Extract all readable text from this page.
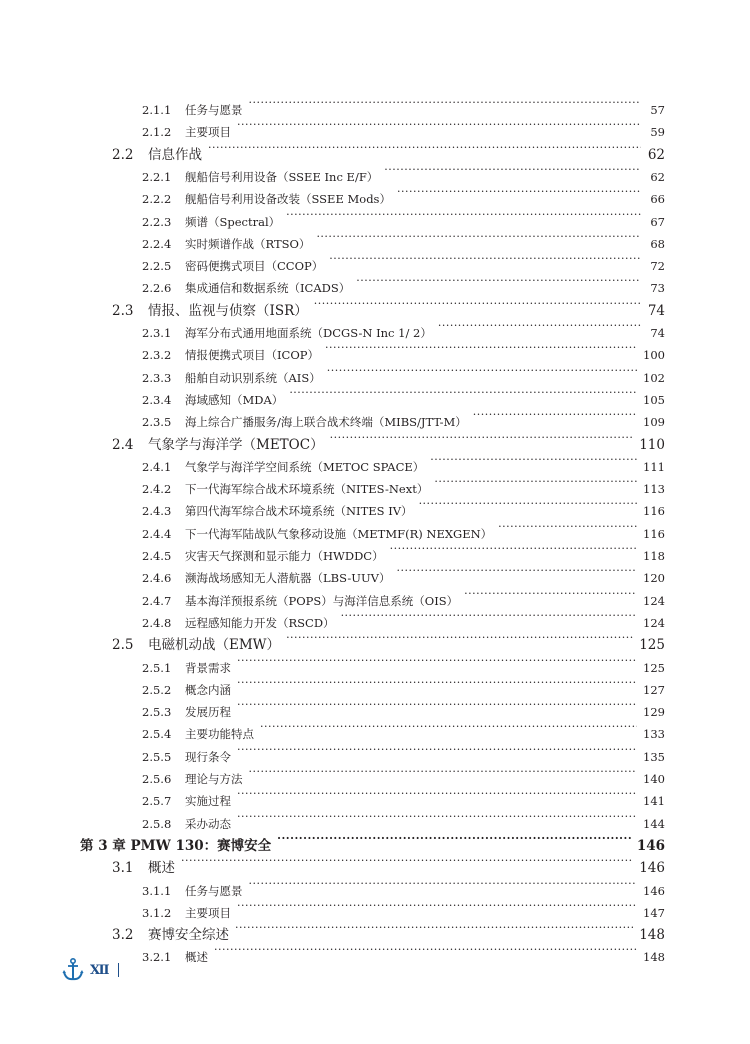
2.1.1	任务与愿景 ·····	57
2.1.2	主要项目 ·····	59
2.2	信息作战 ·····	62
2.2.1	舰船信号利用设备（SSEE Inc E/F） ·····	62
2.2.2	舰船信号利用设备改装（SSEE Mods） ·····	66
2.2.3	频谱（Spectral） ·····	67
2.2.4	实时频谱作战（RTSO） ·····	68
2.2.5	密码便携式项目（CCOP） ·····	72
2.2.6	集成通信和数据系统（ICADS） ·····	73
2.3	情报、监视与侦察（ISR） ·····	74
2.3.1	海军分布式通用地面系统（DCGS-N Inc 1/ 2） ·····	74
2.3.2	情报便携式项目（ICOP） ·····	100
2.3.3	船舶自动识别系统（AIS） ·····	102
2.3.4	海域感知（MDA） ·····	105
2.3.5	海上综合广播服务/海上联合战术终端（MIBS/JTT-M） ·····	109
2.4	气象学与海洋学（METOC） ·····	110
2.4.1	气象学与海洋学空间系统（METOC SPACE） ·····	111
2.4.2	下一代海军综合战术环境系统（NITES-Next） ·····	113
2.4.3	第四代海军综合战术环境系统（NITES IV） ·····	116
2.4.4	下一代海军陆战队气象移动设施（METMF(R) NEXGEN） ·····	116
2.4.5	灾害天气探测和显示能力（HWDDC） ·····	118
2.4.6	濒海战场感知无人潜航器（LBS-UUV） ·····	120
2.4.7	基本海洋预报系统（POPS）与海洋信息系统（OIS） ·····	124
2.4.8	远程感知能力开发（RSCD） ·····	124
2.5	电磁机动战（EMW） ·····	125
2.5.1	背景需求 ·····	125
2.5.2	概念内涵 ·····	127
2.5.3	发展历程 ·····	129
2.5.4	主要功能特点 ·····	133
2.5.5	现行条令 ·····	135
2.5.6	理论与方法 ·····	140
2.5.7	实施过程 ·····	141
2.5.8	采办动态 ·····	144
第 3 章 PMW 130：赛博安全 ·····	146
3.1	概述 ·····	146
3.1.1	任务与愿景 ·····	146
3.1.2	主要项目 ·····	147
3.2	赛博安全综述 ·····	148
3.2.1	概述 ·····	148
Ⅻ
